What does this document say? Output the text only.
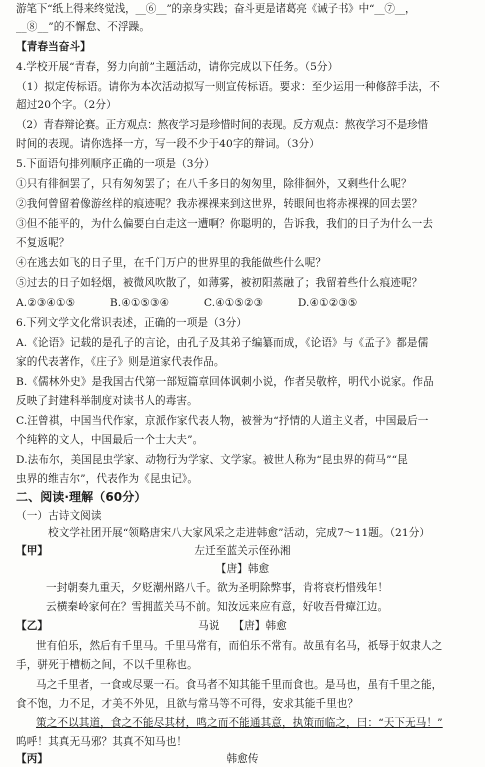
游笔下“纸上得来终觉浅，__⑥__”的亲身实践；奋斗更是诸葛亮《诫子书》中“__⑦__，
__⑧__”的不懈怠、不浮躁。
【青春当奋斗】
4.学校开展“青春，努力向前”主题活动，请你完成以下任务。（5分）
（1）拟定传标语。请你为本次活动拟写一则宣传标语。要求：至少运用一种修辞手法，不
超过20个字。（2分）
（2）青春辩论赛。正方观点：熬夜学习是珍惜时间的表现。反方观点：熬夜学习不是珍惜
时间的表现。请你选择一方，写一段不少于40字的辩词。（3分）
5.下面语句排列顺序正确的一项是（3分）
①只有徘徊罢了，只有匆匆罢了；在八千多日的匆匆里，除徘徊外，又剩些什么呢？
②我何曾留着像游丝样的痕迹呢？我赤裸裸来到这世界，转眼间也将赤裸裸的回去罢？
③但不能平的，为什么偏要白白走这一遭啊？你聪明的，告诉我，我们的日子为什么一去
不复返呢？
④在逃去如飞的日子里，在千门万户的世界里的我能做些什么呢？
⑤过去的日子如轻烟，被微风吹散了，如薄雾，被初阳蒸融了；我留着些什么痕迹呢？
A.②③④①⑤          B.④①⑤③④          C.④①⑤②③          D.④①②③⑤
6.下列文学文化常识表述，正确的一项是（3分）
A.《论语》记载的是孔子的言论，由孔子及其弟子编纂而成，《论语》与《孟子》都是儒
家的代表著作，《庄子》则是道家代表作品。
B.《儒林外史》是我国古代第一部短篇章回体讽刺小说，作者吴敬梓，明代小说家。作品
反映了封建科举制度对读书人的毒害。
C.汪曾祺，中国当代作家，京派作家代表人物，被誉为“抒情的人道主义者，中国最后一
个纯粹的文人，中国最后一个士大夫”。
D.法布尔，美国昆虫学家、动物行为学家、文学家。被世人称为“昆虫界的荷马”“昆
虫界的维吉尔”，代表作为《昆虫记》。
二、阅读·理解（60分）
（一）古诗文阅读
校文学社团开展“领略唐宋八大家风采之走进韩愈”活动，完成7～11题。（21分）
【甲】	左迁至蓝关示侄孙湘
【唐】韩愈
一封朝奏九重天，夕贬潮州路八千。欲为圣明除弊事，肯将衰朽惜残年！
云横秦岭家何在？雪拥蓝关马不前。知汝远来应有意，好收吾骨瘴江边。
【乙】	马说    【唐】韩愈
世有伯乐，然后有千里马。千里马常有，而伯乐不常有。故虽有名马，祇辱于奴隶人之
手，骈死于槽枥之间，不以千里称也。
马之千里者，一食或尽粟一石。食马者不知其能千里而食也。是马也，虽有千里之能，
食不饱，力不足，才美不外见，且欲与常马等不可得，安求其能千里也？
策之不以其道，食之不能尽其材，鸣之而不能通其意，执策而临之，曰：“天下无马！”
呜呼！其真无马邪？其真不知马也！
【丙】	韩愈传
